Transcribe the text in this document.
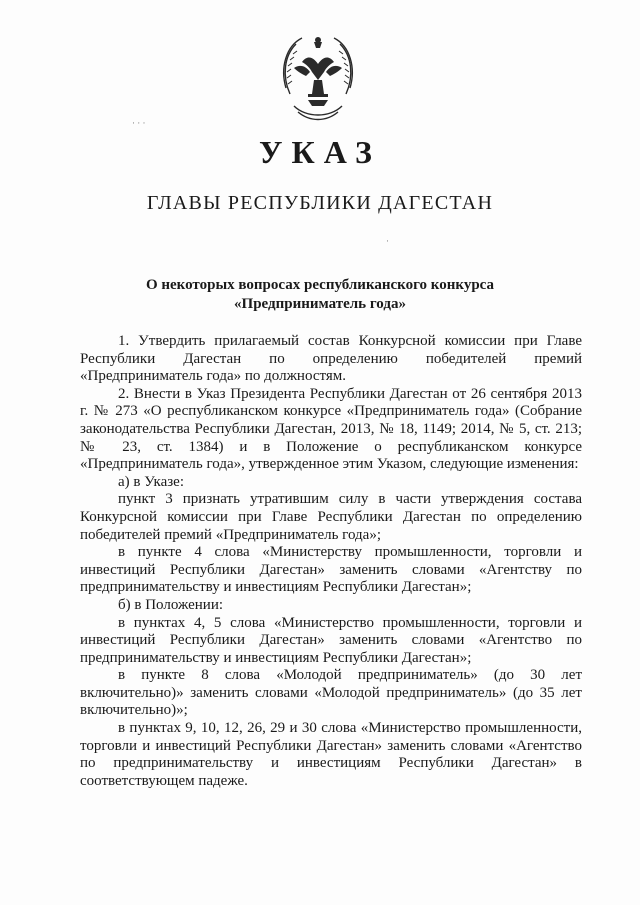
· · ·
·
УКАЗ
ГЛАВЫ РЕСПУБЛИКИ ДАГЕСТАН
О некоторых вопросах республиканского конкурса
«Предприниматель года»

1. Утвердить прилагаемый состав Конкурсной комиссии при Главе Республики Дагестан по определению победителей премий «Предприниматель года» по должностям.

2. Внести в Указ Президента Республики Дагестан от 26 сентября 2013 г. № 273 «О республиканском конкурсе «Предприниматель года» (Собрание законодательства Республики Дагестан, 2013, № 18, 1149; 2014, № 5, ст. 213; № 23, ст. 1384) и в Положение о республиканском конкурсе «Предприниматель года», утвержденное этим Указом, следующие изменения:

а) в Указе:

пункт 3 признать утратившим силу в части утверждения состава Конкурсной комиссии при Главе Республики Дагестан по определению победителей премий «Предприниматель года»;

в пункте 4 слова «Министерству промышленности, торговли и инвестиций Республики Дагестан» заменить словами «Агентству по предпринимательству и инвестициям Республики Дагестан»;

б) в Положении:

в пунктах 4, 5 слова «Министерство промышленности, торговли и инвестиций Республики Дагестан» заменить словами «Агентство по предпринимательству и инвестициям Республики Дагестан»;

в пункте 8 слова «Молодой предприниматель» (до 30 лет включительно)» заменить словами «Молодой предприниматель» (до 35 лет включительно)»;

в пунктах 9, 10, 12, 26, 29 и 30 слова «Министерство промышленности, торговли и инвестиций Республики Дагестан» заменить словами «Агентство по предпринимательству и инвестициям Республики Дагестан» в соответствующем падеже.
